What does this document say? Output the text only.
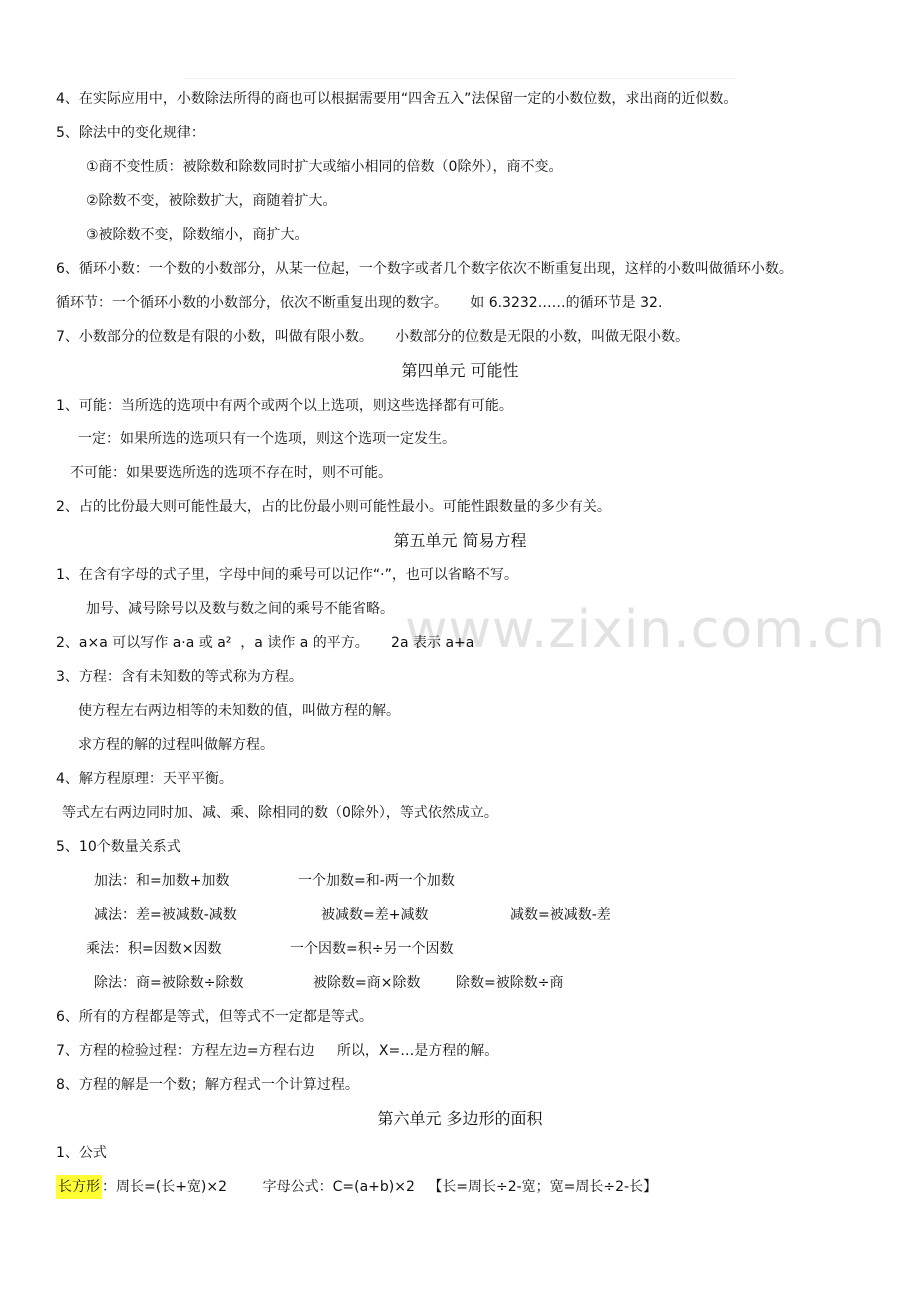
www.zixin.com.cn
4、在实际应用中，小数除法所得的商也可以根据需要用“四舍五入”法保留一定的小数位数，求出商的近似数。
5、除法中的变化规律：
①商不变性质：被除数和除数同时扩大或缩小相同的倍数（0除外），商不变。
②除数不变，被除数扩大，商随着扩大。
③被除数不变，除数缩小，商扩大。
6、循环小数：一个数的小数部分，从某一位起，一个数字或者几个数字依次不断重复出现，这样的小数叫做循环小数。
循环节：一个循环小数的小数部分，依次不断重复出现的数字。     如 6.3232……的循环节是 32.
7、小数部分的位数是有限的小数，叫做有限小数。     小数部分的位数是无限的小数，叫做无限小数。
第四单元 可能性
1、可能：当所选的选项中有两个或两个以上选项，则这些选择都有可能。
一定：如果所选的选项只有一个选项，则这个选项一定发生。
不可能：如果要选所选的选项不存在时，则不可能。
2、占的比份最大则可能性最大，占的比份最小则可能性最小。可能性跟数量的多少有关。
第五单元 简易方程
1、在含有字母的式子里，字母中间的乘号可以记作“·”，也可以省略不写。
加号、减号除号以及数与数之间的乘号不能省略。
2、a×a 可以写作 a·a 或 a²  ，a 读作 a 的平方。     2a 表示 a+a
3、方程：含有未知数的等式称为方程。
使方程左右两边相等的未知数的值，叫做方程的解。
求方程的解的过程叫做解方程。
4、解方程原理：天平平衡。
等式左右两边同时加、减、乘、除相同的数（0除外），等式依然成立。
5、10个数量关系式
加法：和=加数+加数	一个加数=和-两一个加数
减法：差=被减数-减数	被减数=差+减数	减数=被减数-差
乘法：积=因数×因数	一个因数=积÷另一个因数
除法：商=被除数÷除数	被除数=商×除数	除数=被除数÷商
6、所有的方程都是等式，但等式不一定都是等式。
7、方程的检验过程：方程左边=方程右边     所以，X=…是方程的解。
8、方程的解是一个数；解方程式一个计算过程。
第六单元 多边形的面积
1、公式
长方形 ：周长=(长+宽)×2        字母公式：C=(a+b)×2   【长=周长÷2-宽；宽=周长÷2-长】
